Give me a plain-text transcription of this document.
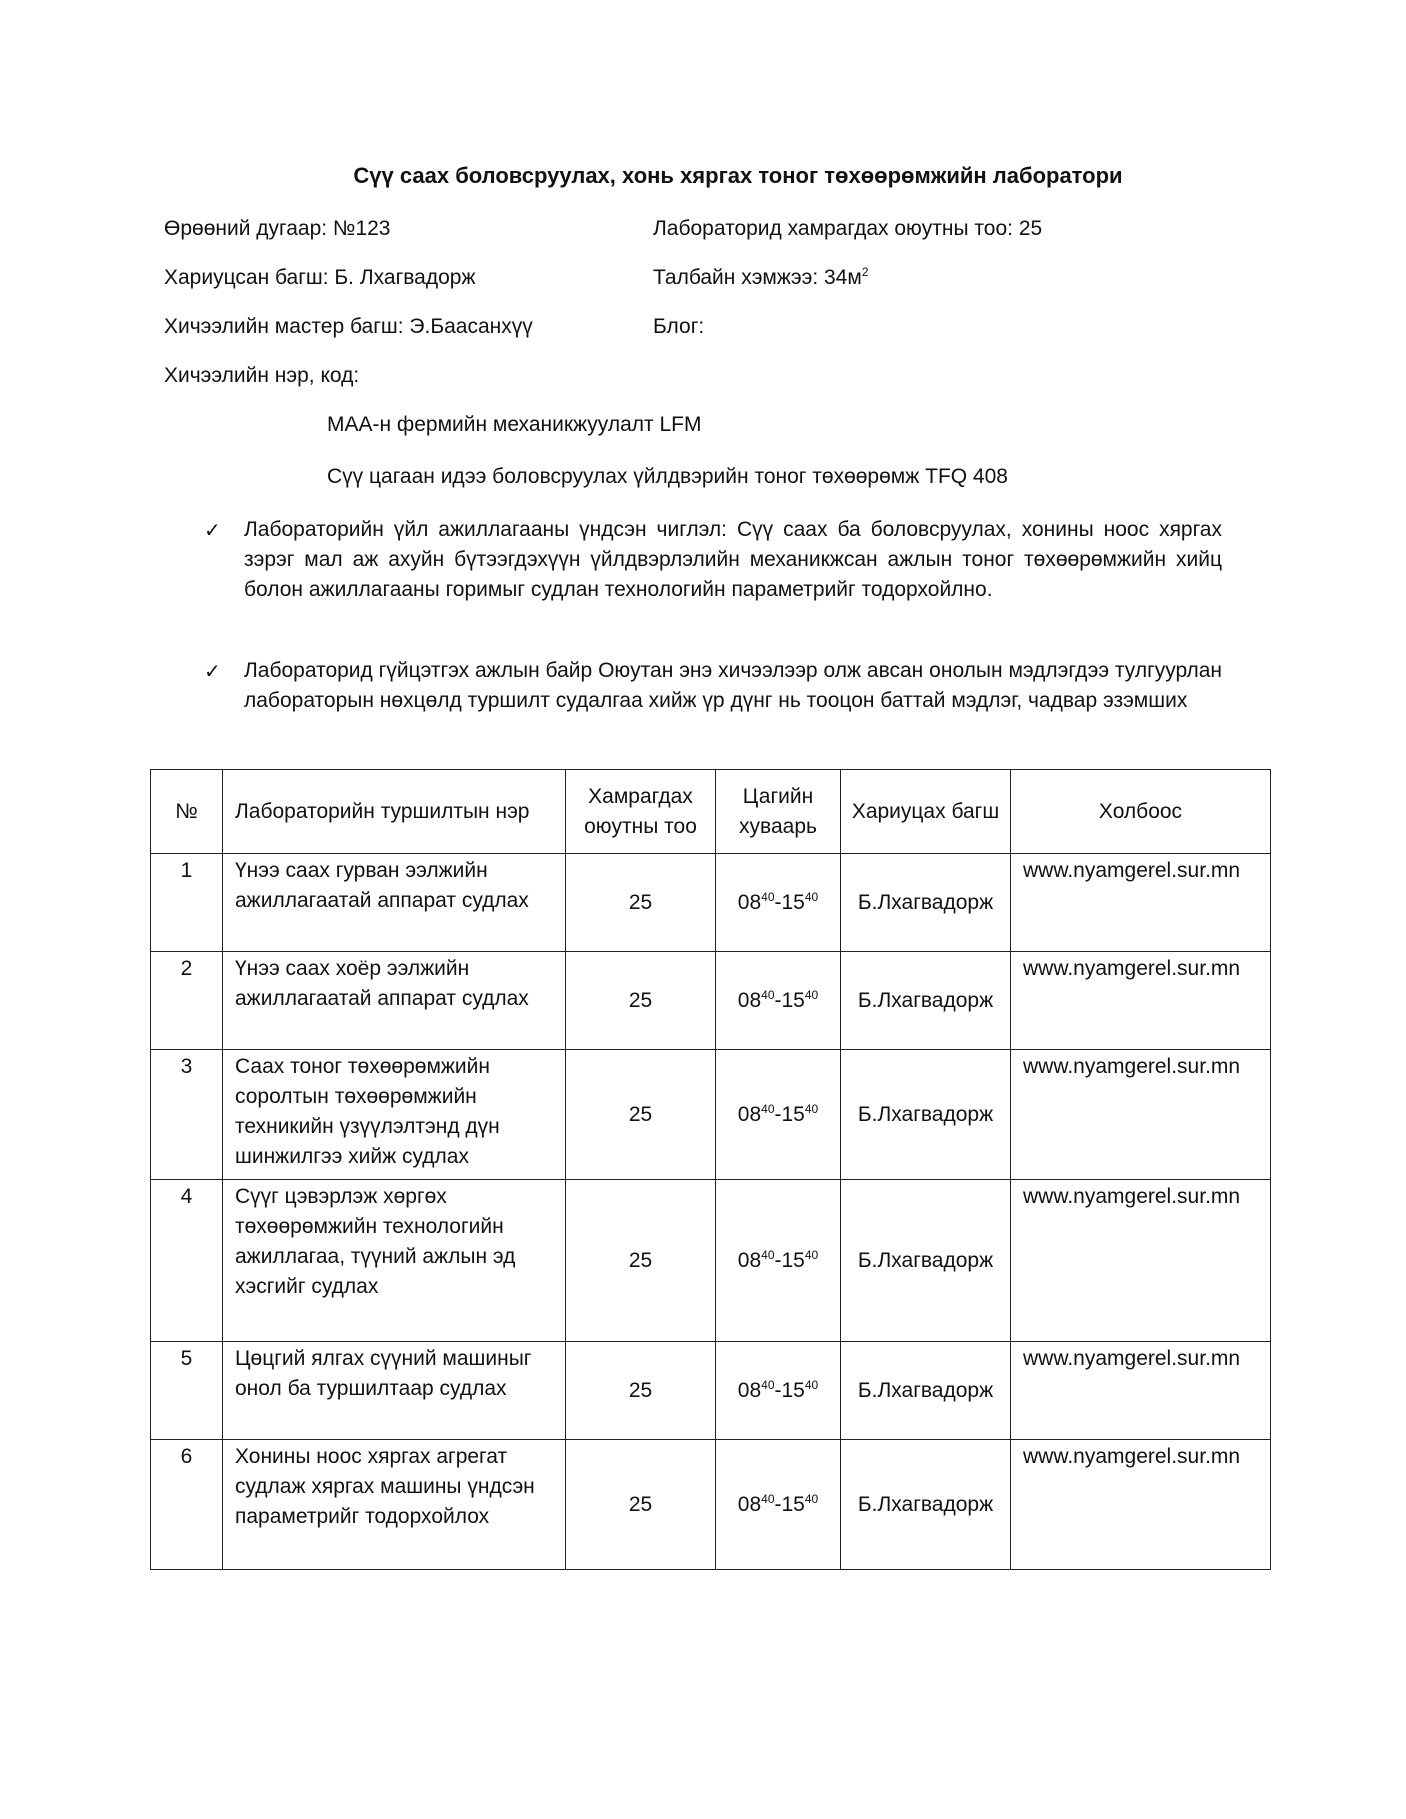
Сүү саах боловсруулах, хонь хяргах тоног төхөөрөмжийн лаборатори
Өрөөний дугаар: №123	Лабораторид хамрагдах оюутны тоо: 25
Хариуцсан багш: Б. Лхагвадорж	Талбайн хэмжээ: $34м^2$
Хичээлийн мастер багш: Э.Баасанхүү	Блог:
Хичээлийн нэр, код:
МАА-н фермийн механикжуулалт LFM
Сүү цагаан идээ боловсруулах үйлдвэрийн тоног төхөөрөмж TFQ 408
✓ Лабораторийн үйл ажиллагааны үндсэн чиглэл: Сүү саах ба боловсруулах, хонины ноос хяргах зэрэг мал аж ахуйн бүтээгдэхүүн үйлдвэрлэлийн механикжсан ажлын тоног төхөөрөмжийн хийц болон ажиллагааны горимыг судлан технологийн параметрийг тодорхойлно.
✓ Лабораторид гүйцэтгэх ажлын байр Оюутан энэ хичээлээр олж авсан онолын мэдлэгдээ тулгуурлан лабораторын нөхцөлд туршилт судалгаа хийж үр дүнг нь тооцон баттай мэдлэг, чадвар эзэмших
№	Лабораторийн туршилтын нэр	Хамрагдах оюутны тоо	Цагийн хуваарь	Хариуцах багш	Холбоос
1	Үнээ саах гурван ээлжийн ажиллагаатай аппарат судлах	25	$08^{40}-15^{40}$	Б.Лхагвадорж	www.nyamgerel.sur.mn
2	Үнээ саах хоёр ээлжийн ажиллагаатай аппарат судлах	25	$08^{40}-15^{40}$	Б.Лхагвадорж	www.nyamgerel.sur.mn
3	Саах тоног төхөөрөмжийн соролтын төхөөрөмжийн техникийн үзүүлэлтэнд дүн шинжилгээ хийж судлах	25	$08^{40}-15^{40}$	Б.Лхагвадорж	www.nyamgerel.sur.mn
4	Сүүг цэвэрлэж хөргөх төхөөрөмжийн технологийн ажиллагаа, түүний ажлын эд хэсгийг судлах	25	$08^{40}-15^{40}$	Б.Лхагвадорж	www.nyamgerel.sur.mn
5	Цөцгий ялгах сүүний машиныг онол ба туршилтаар судлах	25	$08^{40}-15^{40}$	Б.Лхагвадорж	www.nyamgerel.sur.mn
6	Хонины ноос хяргах агрегат судлаж хяргах машины үндсэн параметрийг тодорхойлох	25	$08^{40}-15^{40}$	Б.Лхагвадорж	www.nyamgerel.sur.mn
